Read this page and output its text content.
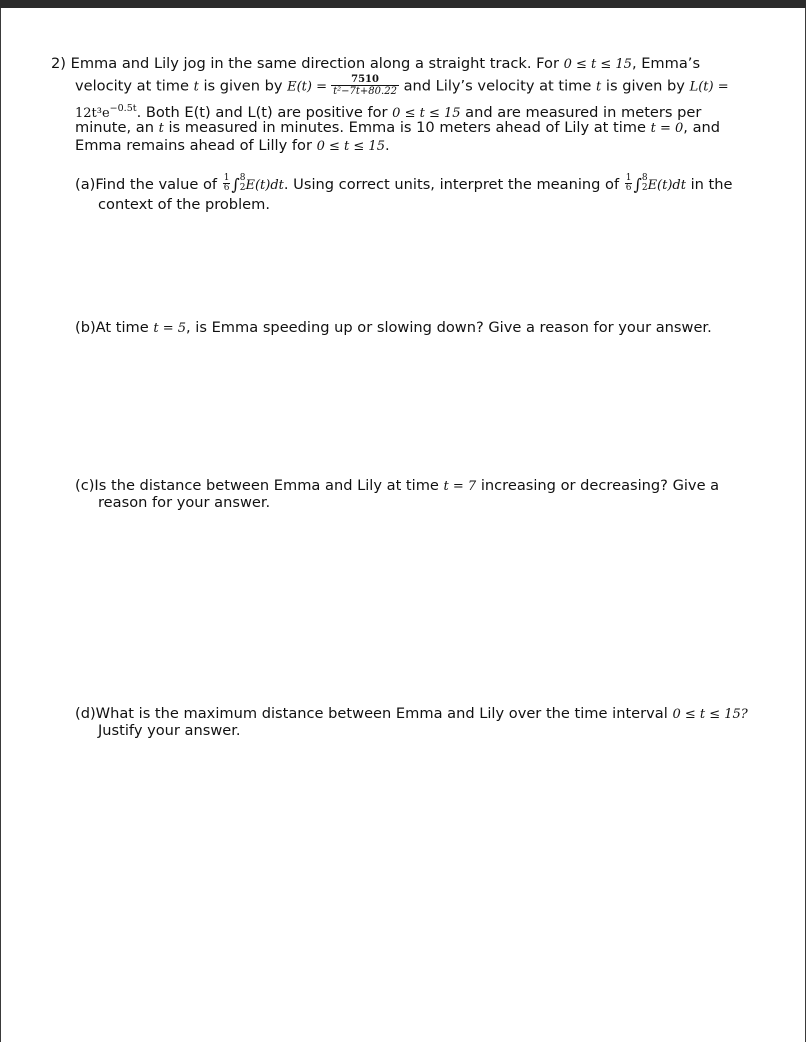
2) Emma and Lily jog in the same direction along a straight track. For 0 ≤ t ≤ 15, Emma’s
velocity at time t is given by $E(t) = \frac{7510}{\text{t²−7t+80.22}}$ and Lily’s velocity at time t is given by L(t) =
$12t^3e^{-0.5t}$. Both E(t) and L(t) are positive for 0 ≤ t ≤ 15 and are measured in meters per
minute, an t is measured in minutes. Emma is 10 meters ahead of Lily at time t = 0, and
Emma remains ahead of Lilly for 0 ≤ t ≤ 15.
(a)Find the value of $\frac{1}{6}$ ∫ 8
2 E(t)dt. Using correct units, interpret the meaning of $\frac{1}{6}$ ∫ 8
2 E(t)dt in the
context of the problem.
(b)At time t = 5, is Emma speeding up or slowing down? Give a reason for your answer.
(c)Is the distance between Emma and Lily at time t = 7 increasing or decreasing? Give a
reason for your answer.
(d)What is the maximum distance between Emma and Lily over the time interval 0 ≤ t ≤ 15?
Justify your answer.
